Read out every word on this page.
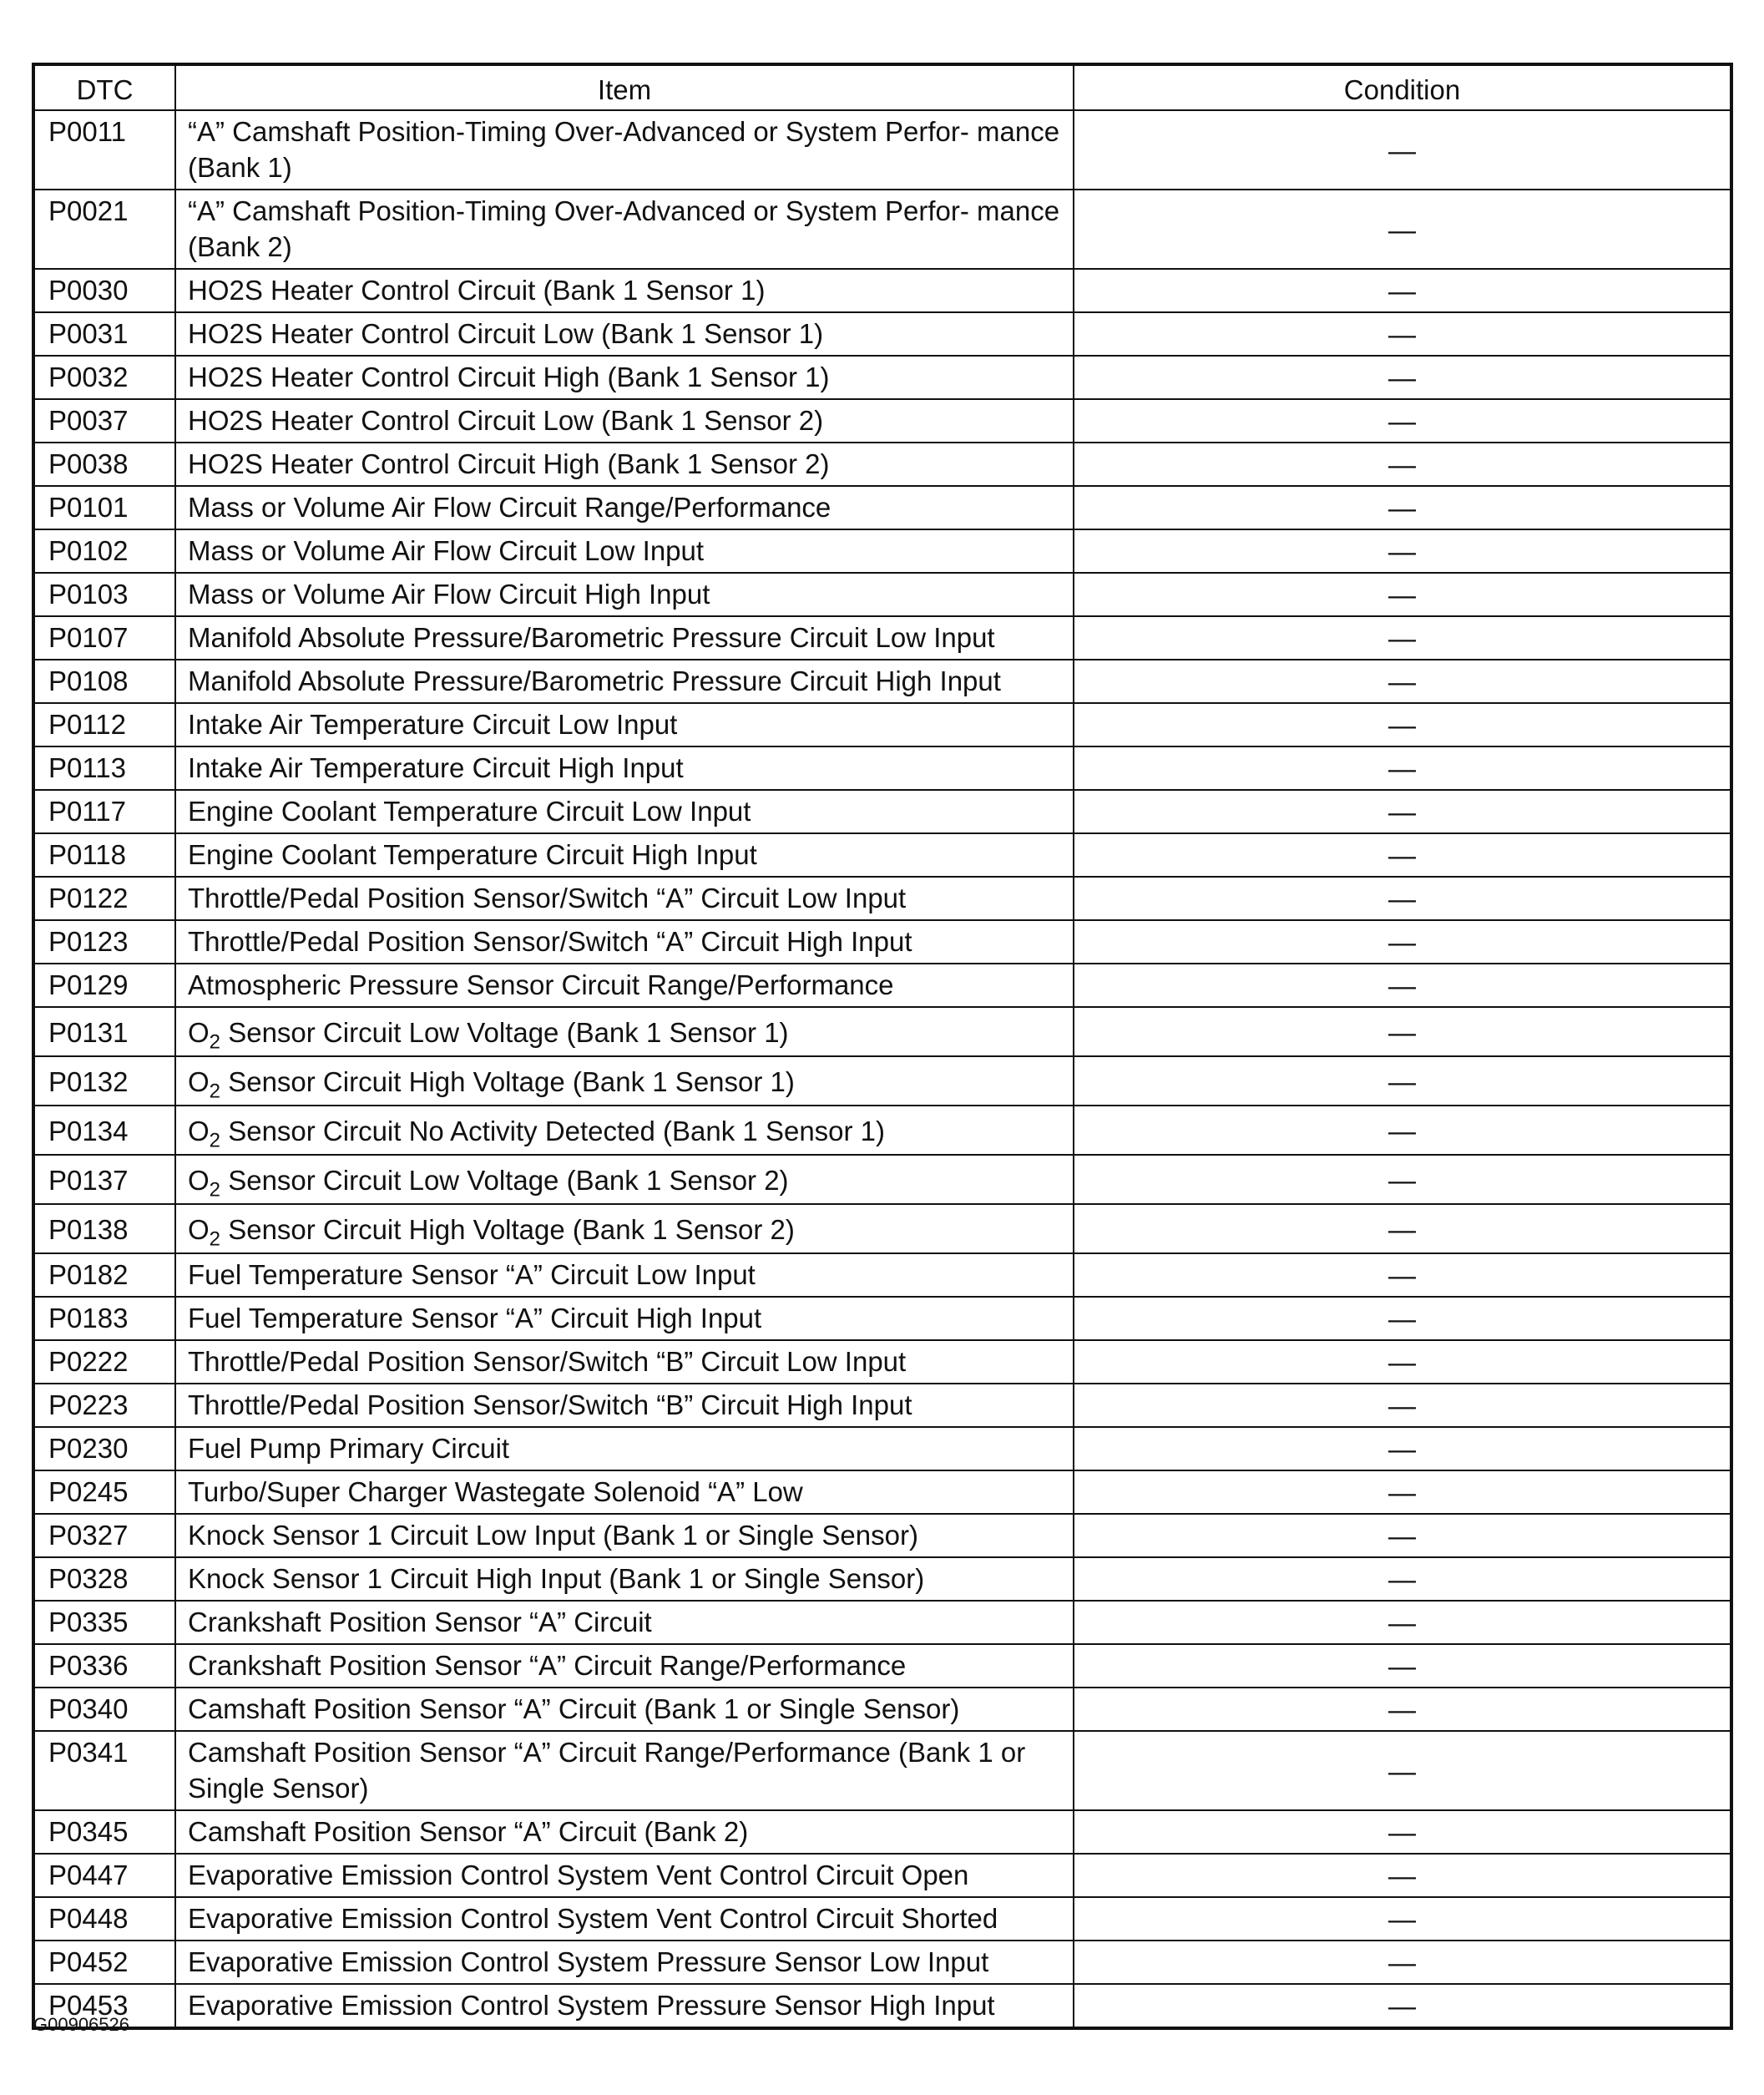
DTC	Item	Condition
P0011	“A” Camshaft Position-Timing Over-Advanced or System Perfor- mance (Bank 1)	—
P0021	“A” Camshaft Position-Timing Over-Advanced or System Perfor- mance (Bank 2)	—
P0030	HO2S Heater Control Circuit (Bank 1 Sensor 1)	—
P0031	HO2S Heater Control Circuit Low (Bank 1 Sensor 1)	—
P0032	HO2S Heater Control Circuit High (Bank 1 Sensor 1)	—
P0037	HO2S Heater Control Circuit Low (Bank 1 Sensor 2)	—
P0038	HO2S Heater Control Circuit High (Bank 1 Sensor 2)	—
P0101	Mass or Volume Air Flow Circuit Range/Performance	—
P0102	Mass or Volume Air Flow Circuit Low Input	—
P0103	Mass or Volume Air Flow Circuit High Input	—
P0107	Manifold Absolute Pressure/Barometric Pressure Circuit Low Input	—
P0108	Manifold Absolute Pressure/Barometric Pressure Circuit High Input	—
P0112	Intake Air Temperature Circuit Low Input	—
P0113	Intake Air Temperature Circuit High Input	—
P0117	Engine Coolant Temperature Circuit Low Input	—
P0118	Engine Coolant Temperature Circuit High Input	—
P0122	Throttle/Pedal Position Sensor/Switch “A” Circuit Low Input	—
P0123	Throttle/Pedal Position Sensor/Switch “A” Circuit High Input	—
P0129	Atmospheric Pressure Sensor Circuit Range/Performance	—
P0131	$O_2$ Sensor Circuit Low Voltage (Bank 1 Sensor 1)	—
P0132	$O_2$ Sensor Circuit High Voltage (Bank 1 Sensor 1)	—
P0134	$O_2$ Sensor Circuit No Activity Detected (Bank 1 Sensor 1)	—
P0137	$O_2$ Sensor Circuit Low Voltage (Bank 1 Sensor 2)	—
P0138	$O_2$ Sensor Circuit High Voltage (Bank 1 Sensor 2)	—
P0182	Fuel Temperature Sensor “A” Circuit Low Input	—
P0183	Fuel Temperature Sensor “A” Circuit High Input	—
P0222	Throttle/Pedal Position Sensor/Switch “B” Circuit Low Input	—
P0223	Throttle/Pedal Position Sensor/Switch “B” Circuit High Input	—
P0230	Fuel Pump Primary Circuit	—
P0245	Turbo/Super Charger Wastegate Solenoid “A” Low	—
P0327	Knock Sensor 1 Circuit Low Input (Bank 1 or Single Sensor)	—
P0328	Knock Sensor 1 Circuit High Input (Bank 1 or Single Sensor)	—
P0335	Crankshaft Position Sensor “A” Circuit	—
P0336	Crankshaft Position Sensor “A” Circuit Range/Performance	—
P0340	Camshaft Position Sensor “A” Circuit (Bank 1 or Single Sensor)	—
P0341	Camshaft Position Sensor “A” Circuit Range/Performance (Bank 1 or Single Sensor)	—
P0345	Camshaft Position Sensor “A” Circuit (Bank 2)	—
P0447	Evaporative Emission Control System Vent Control Circuit Open	—
P0448	Evaporative Emission Control System Vent Control Circuit Shorted	—
P0452	Evaporative Emission Control System Pressure Sensor Low Input	—
P0453	Evaporative Emission Control System Pressure Sensor High Input	—
G00906526
